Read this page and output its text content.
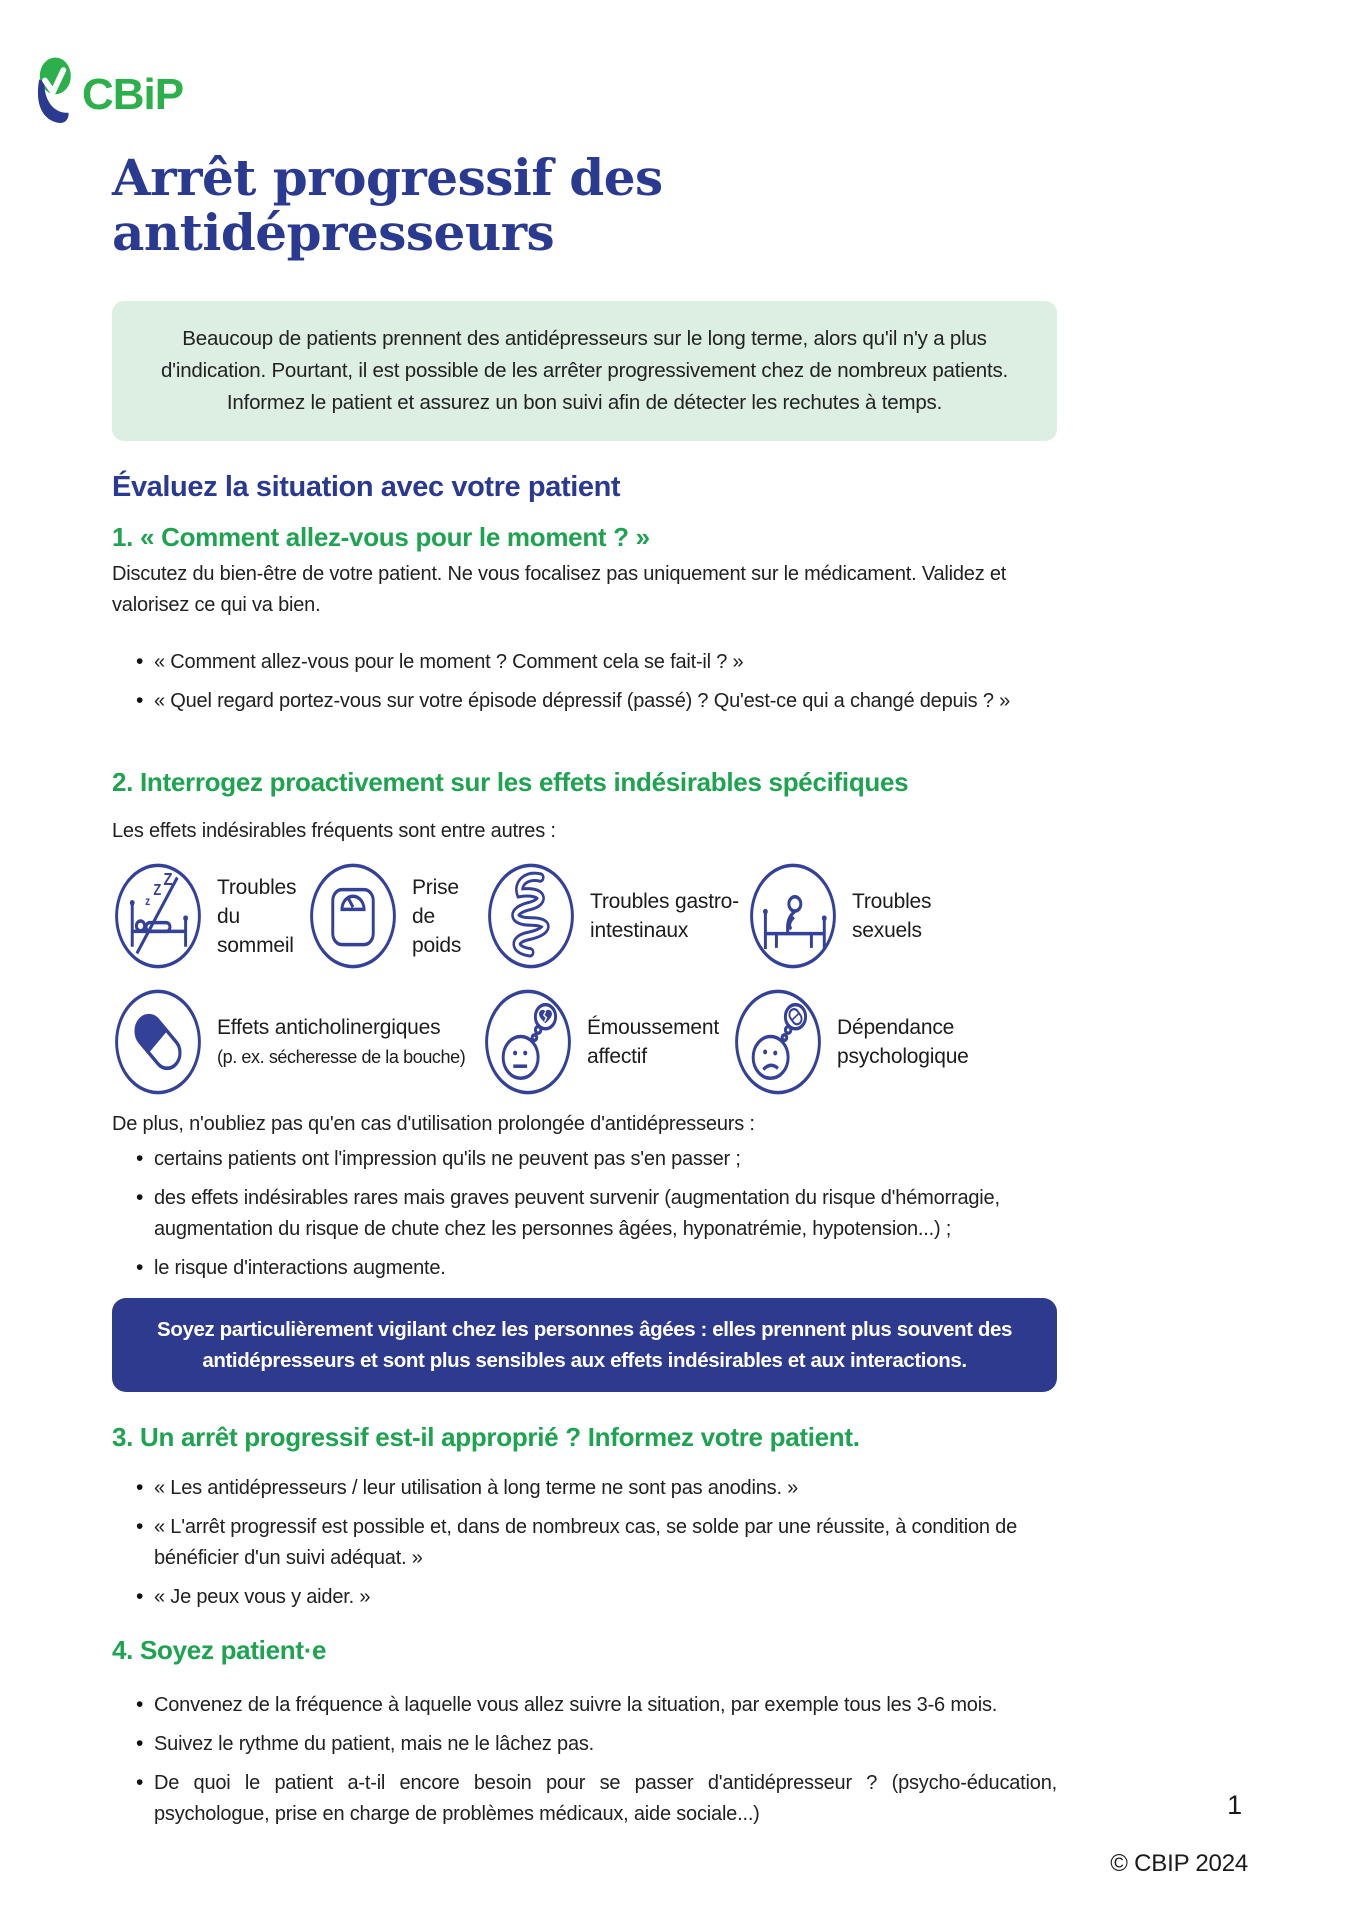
CBiP
Arrêt progressif des antidépresseurs
Beaucoup de patients prennent des antidépresseurs sur le long terme, alors qu'il n'y a plus d'indication. Pourtant, il est possible de les arrêter progressivement chez de nombreux patients. Informez le patient et assurez un bon suivi afin de détecter les rechutes à temps.
Évaluez la situation avec votre patient
1. « Comment allez-vous pour le moment ? »

Discutez du bien-être de votre patient. Ne vous focalisez pas uniquement sur le médicament. Validez et valorisez ce qui va bien.

• « Comment allez-vous pour le moment ? Comment cela se fait-il ? »
• « Quel regard portez-vous sur votre épisode dépressif (passé) ? Qu'est-ce qui a changé depuis ? »
2. Interrogez proactivement sur les effets indésirables spécifiques

Les effets indésirables fréquents sont entre autres :

z
Z
Z Troubles du
sommeil
Prise de
poids
Troubles gastro-
intestinaux
Troubles
sexuels
Effets anticholinergiques
(p. ex. sécheresse de la bouche)
Émoussement
affectif
Dépendance
psychologique

De plus, n'oubliez pas qu'en cas d'utilisation prolongée d'antidépresseurs :

• certains patients ont l'impression qu'ils ne peuvent pas s'en passer ;
• des effets indésirables rares mais graves peuvent survenir (augmentation du risque d'hémorragie, augmentation du risque de chute chez les personnes âgées, hyponatrémie, hypotension...) ;
• le risque d'interactions augmente.
Soyez particulièrement vigilant chez les personnes âgées : elles prennent plus souvent des antidépresseurs et sont plus sensibles aux effets indésirables et aux interactions.
3. Un arrêt progressif est-il approprié ? Informez votre patient.
• « Les antidépresseurs / leur utilisation à long terme ne sont pas anodins. »
• « L'arrêt progressif est possible et, dans de nombreux cas, se solde par une réussite, à condition de bénéficier d'un suivi adéquat. »
• « Je peux vous y aider. »
4. Soyez patient·e
• Convenez de la fréquence à laquelle vous allez suivre la situation, par exemple tous les 3-6 mois.
• Suivez le rythme du patient, mais ne le lâchez pas.
• De quoi le patient a-t-il encore besoin pour se passer d'antidépresseur ? (psycho-éducation, psychologue, prise en charge de problèmes médicaux, aide sociale...)	1
© CBIP 2024
